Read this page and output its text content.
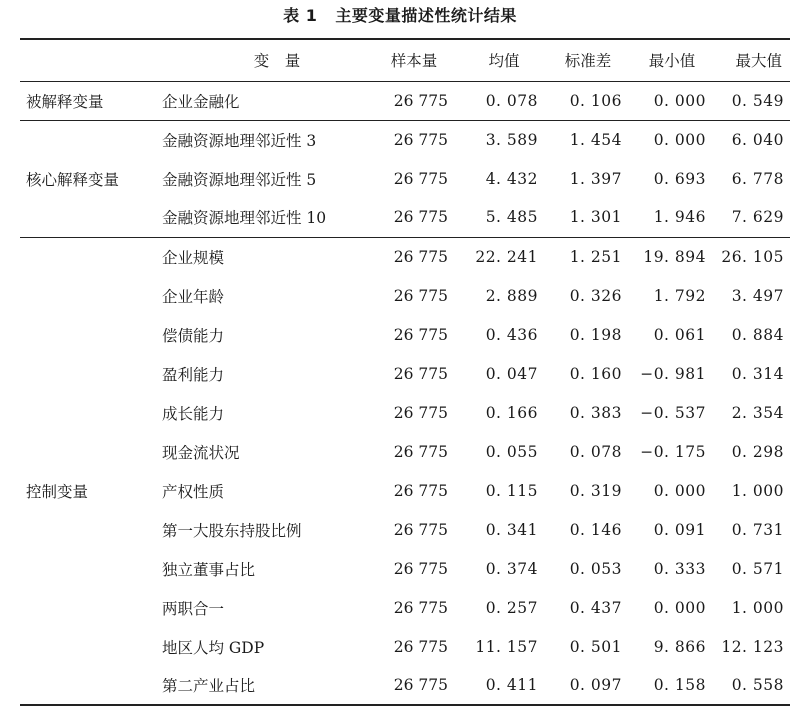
表 1 主要变量描述性统计结果
	变　量	样本量	均值	标准差	最小值	最大值
被解释变量	企业金融化	26 775	0. 078	0. 106	0. 000	0. 549
	金融资源地理邻近性 3	26 775	3. 589	1. 454	0. 000	6. 040
核心解释变量	金融资源地理邻近性 5	26 775	4. 432	1. 397	0. 693	6. 778
	金融资源地理邻近性 10	26 775	5. 485	1. 301	1. 946	7. 629
	企业规模	26 775	22. 241	1. 251	19. 894	26. 105
	企业年龄	26 775	2. 889	0. 326	1. 792	3. 497
	偿债能力	26 775	0. 436	0. 198	0. 061	0. 884
	盈利能力	26 775	0. 047	0. 160	−0. 981	0. 314
	成长能力	26 775	0. 166	0. 383	−0. 537	2. 354
	现金流状况	26 775	0. 055	0. 078	−0. 175	0. 298
控制变量	产权性质	26 775	0. 115	0. 319	0. 000	1. 000
	第一大股东持股比例	26 775	0. 341	0. 146	0. 091	0. 731
	独立董事占比	26 775	0. 374	0. 053	0. 333	0. 571
	两职合一	26 775	0. 257	0. 437	0. 000	1. 000
	地区人均 GDP	26 775	11. 157	0. 501	9. 866	12. 123
	第二产业占比	26 775	0. 411	0. 097	0. 158	0. 558
